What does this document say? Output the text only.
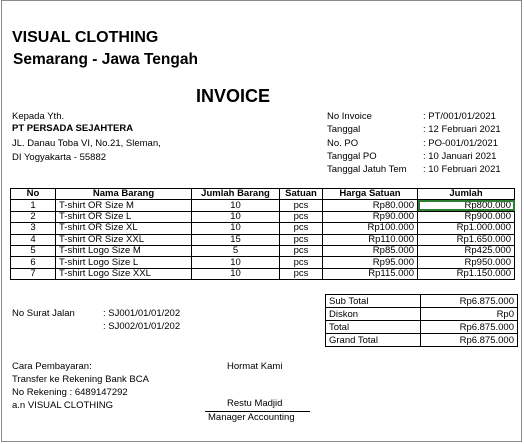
VISUAL CLOTHING
Semarang - Jawa Tengah
INVOICE
Kepada Yth.
PT PERSADA SEJAHTERA
JL. Danau Toba VI, No.21, Sleman,
DI Yogyakarta - 55882
No Invoice	: PT/001/01/2021
Tanggal	: 12 Februari 2021
No. PO	: PO-001/01/2021
Tanggal PO	: 10 Januari 2021
Tanggal Jatuh Tem	: 10 Februari 2021
No	Nama Barang	Jumlah Barang	Satuan	Harga Satuan	Jumlah
1	T-shirt OR Size M	10	pcs	Rp80.000	Rp800.000
2	T-shirt OR Size L	10	pcs	Rp90.000	Rp900.000
3	T-shirt OR Size XL	10	pcs	Rp100.000	Rp1.000.000
4	T-shirt OR Size XXL	15	pcs	Rp110.000	Rp1.650.000
5	T-shirt Logo Size M	5	pcs	Rp85.000	Rp425.000
6	T-shirt Logo Size L	10	pcs	Rp95.000	Rp950.000
7	T-shirt Logo Size XXL	10	pcs	Rp115.000	Rp1.150.000
Sub Total	Rp6.875.000
Diskon	Rp0
Total	Rp6.875.000
Grand Total	Rp6.875.000
No Surat Jalan	: SJ001/01/01/202
: SJ002/01/01/202
Cara Pembayaran:
Transfer ke Rekening Bank BCA
No Rekening : 6489147292
a.n VISUAL CLOTHING
Hormat Kami
Restu Madjid
Manager Accounting
